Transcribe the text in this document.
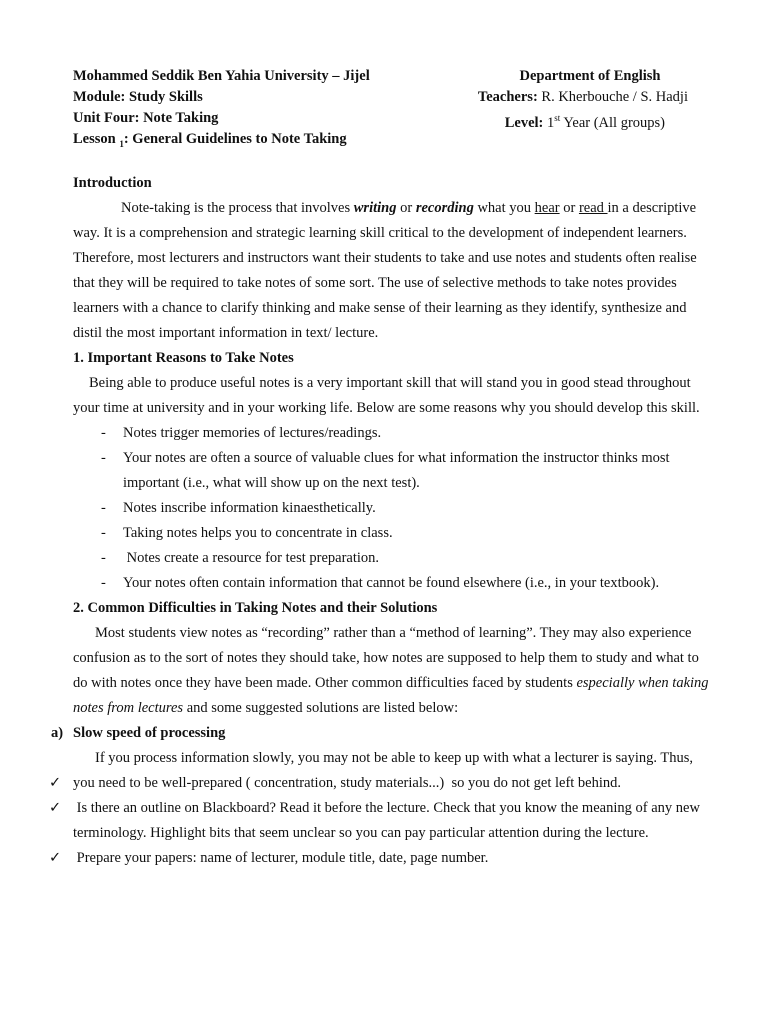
Mohammed Seddik Ben Yahia University – Jijel
Module: Study Skills
Unit Four: Note Taking
Lesson $_1$: General Guidelines to Note Taking
Department of English
Teachers: R. Kherbouche / S. Hadji
Level: 1st Year (All groups)

Introduction

Note-taking is the process that involves writing or recording what you hear or read in a descriptive way. It is a comprehension and strategic learning skill critical to the development of independent learners. Therefore, most lecturers and instructors want their students to take and use notes and students often realise that they will be required to take notes of some sort. The use of selective methods to take notes provides learners with a chance to clarify thinking and make sense of their learning as they identify, synthesize and distil the most important information in text/ lecture.

1. Important Reasons to Take Notes

Being able to produce useful notes is a very important skill that will stand you in good stead throughout your time at university and in your working life. Below are some reasons why you should develop this skill.

- Notes trigger memories of lectures/readings.
- Your notes are often a source of valuable clues for what information the instructor thinks most important (i.e., what will show up on the next test).
- Notes inscribe information kinaesthetically.
- Taking notes helps you to concentrate in class.
-  Notes create a resource for test preparation.
- Your notes often contain information that cannot be found elsewhere (i.e., in your textbook).

2. Common Difficulties in Taking Notes and their Solutions

Most students view notes as “recording” rather than a “method of learning”. They may also experience confusion as to the sort of notes they should take, how notes are supposed to help them to study and what to do with notes once they have been made. Other common difficulties faced by students especially when taking notes from lectures and some suggested solutions are listed below:

a) Slow speed of processing

If you process information slowly, you may not be able to keep up with what a lecturer is saying. Thus,

✓ you need to be well-prepared ( concentration, study materials...)  so you do not get left behind.
✓ Is there an outline on Blackboard? Read it before the lecture. Check that you know the meaning of any new terminology. Highlight bits that seem unclear so you can pay particular attention during the lecture.
✓ Prepare your papers: name of lecturer, module title, date, page number.
